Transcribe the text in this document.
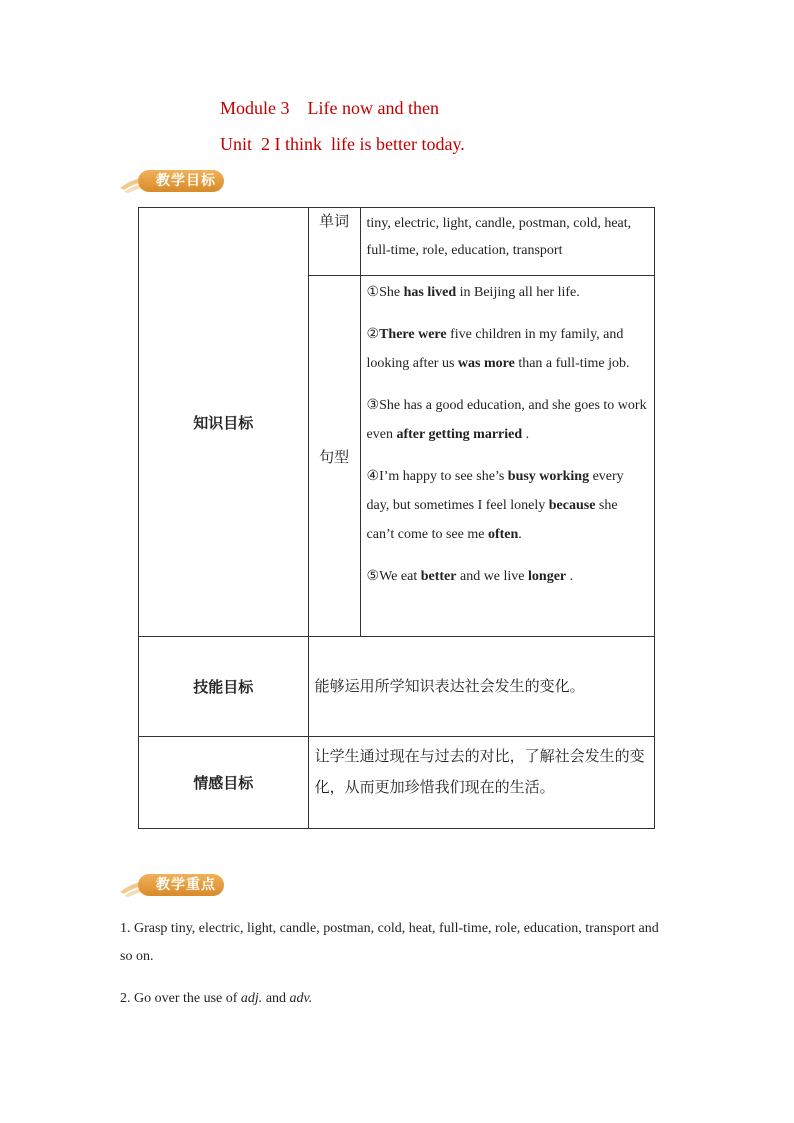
Module 3    Life now and then
Unit  2 I think  life is better today.
教学目标
知识目标	单词	tiny, electric, light, candle, postman, cold, heat, full-time, role, education, transport
	句型	①She has lived in Beijing all her life.

②There were five children in my family, and looking after us was more than a full-time job.

③She has a good education, and she goes to work even after getting married .

④I’m happy to see she’s busy working every day, but sometimes I feel lonely because she can’t come to see me often.

⑤We eat better and we live longer .

技能目标	能够运用所学知识表达社会发生的变化。	
情感目标	让学生通过现在与过去的对比，了解社会发生的变化，从而更加珍惜我们现在的生活。	
教学重点
1. Grasp tiny, electric, light, candle, postman, cold, heat, full-time, role, education, transport and so on.
2. Go over the use of adj. and adv.
